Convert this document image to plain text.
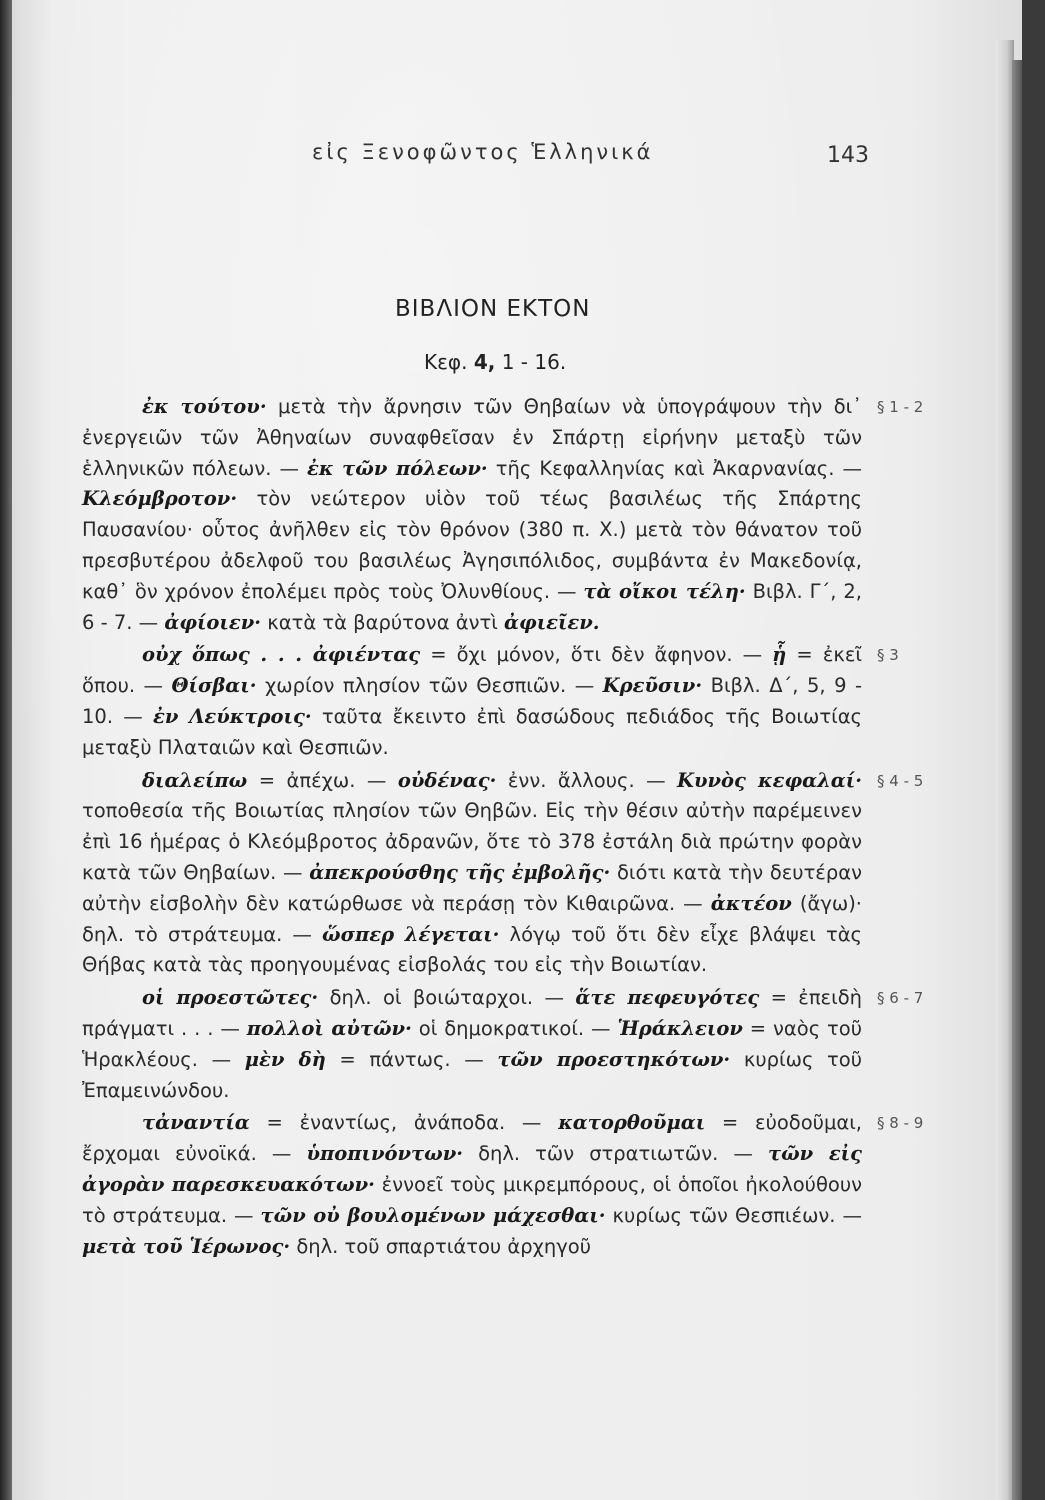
εἰς Ξενοφῶντος Ἑλληνικά	143
ΒΙΒΛΙΟΝ ΕΚΤΟΝ
Κεφ. 4, 1 - 16.

§ 1 - 2
ἐκ τούτου· μετὰ τὴν ἄρνησιν τῶν Θηβαίων νὰ ὑπογράψουν τὴν δι᾿ ἐνεργειῶν τῶν Ἀθηναίων συναφθεῖσαν ἐν Σπάρτῃ εἰρήνην μεταξὺ τῶν ἑλληνικῶν πόλεων. — ἐκ τῶν πόλεων· τῆς Κεφαλληνίας καὶ Ἀκαρνανίας. — Κλεόμβροτον· τὸν νεώτερον υἱὸν τοῦ τέως βασιλέως τῆς Σπάρτης Παυσανίου· οὗτος ἀνῆλθεν εἰς τὸν θρόνον (380 π. Χ.) μετὰ τὸν θάνατον τοῦ πρεσβυτέρου ἀδελφοῦ του βασιλέως Ἀγησιπόλιδος, συμβάντα ἐν Μακεδονίᾳ, καθ᾿ ὃν χρόνον ἐπολέμει πρὸς τοὺς Ὀλυνθίους. — τὰ οἴκοι τέλη· Βιβλ. Γ΄, 2, 6 - 7. — ἀφίοιεν· κατὰ τὰ βαρύτονα ἀντὶ ἀφιεῖεν.

§ 3
οὐχ ὅπως . . . ἀφιέντας = ὄχι μόνον, ὅτι δὲν ἄφηνον. — ᾗ = ἐκεῖ ὅπου. — Θίσβαι· χωρίον πλησίον τῶν Θεσπιῶν. — Κρεῦσιν· Βιβλ. Δ΄, 5, 9 - 10. — ἐν Λεύκτροις· ταῦτα ἔκειντο ἐπὶ δασώδους πεδιάδος τῆς Βοιωτίας μεταξὺ Πλαταιῶν καὶ Θεσπιῶν.

§ 4 - 5
διαλείπω = ἀπέχω. — οὐδένας· ἐνν. ἄλλους. — Κυνὸς κεφαλαί· τοποθεσία τῆς Βοιωτίας πλησίον τῶν Θηβῶν. Εἰς τὴν θέσιν αὐτὴν παρέμεινεν ἐπὶ 16 ἡμέρας ὁ Κλεόμβροτος ἀδρανῶν, ὅτε τὸ 378 ἐστάλη διὰ πρώτην φορὰν κατὰ τῶν Θηβαίων. — ἀπεκρούσθης τῆς ἐμβολῆς· διότι κατὰ τὴν δευτέραν αὐτὴν εἰσβολὴν δὲν κατώρθωσε νὰ περάσῃ τὸν Κιθαιρῶνα. — ἀκτέον (ἄγω)· δηλ. τὸ στράτευμα. — ὥσπερ λέγεται· λόγῳ τοῦ ὅτι δὲν εἶχε βλάψει τὰς Θήβας κατὰ τὰς προηγουμένας εἰσβολάς του εἰς τὴν Βοιωτίαν.

§ 6 - 7
οἱ προεστῶτες· δηλ. οἱ βοιώταρχοι. — ἅτε πεφευγότες = ἐπειδὴ πράγματι . . . — πολλοὶ αὐτῶν· οἱ δημοκρατικοί. — Ἡράκλειον = ναὸς τοῦ Ἡρακλέους. — μὲν δὴ = πάντως. — τῶν προεστηκότων· κυρίως τοῦ Ἐπαμεινώνδου.

§ 8 - 9
τἀναντία = ἐναντίως, ἀνάποδα. — κατορθοῦμαι = εὐοδοῦμαι, ἔρχομαι εὐνοϊκά. — ὑποπινόντων· δηλ. τῶν στρατιωτῶν. — τῶν εἰς ἀγορὰν παρεσκευακότων· ἐννοεῖ τοὺς μικρεμπόρους, οἱ ὁποῖοι ἠκολούθουν τὸ στράτευμα. — τῶν οὐ βουλομένων μάχεσθαι· κυρίως τῶν Θεσπιέων. — μετὰ τοῦ Ἱέρωνος· δηλ. τοῦ σπαρτιάτου ἀρχηγοῦ
